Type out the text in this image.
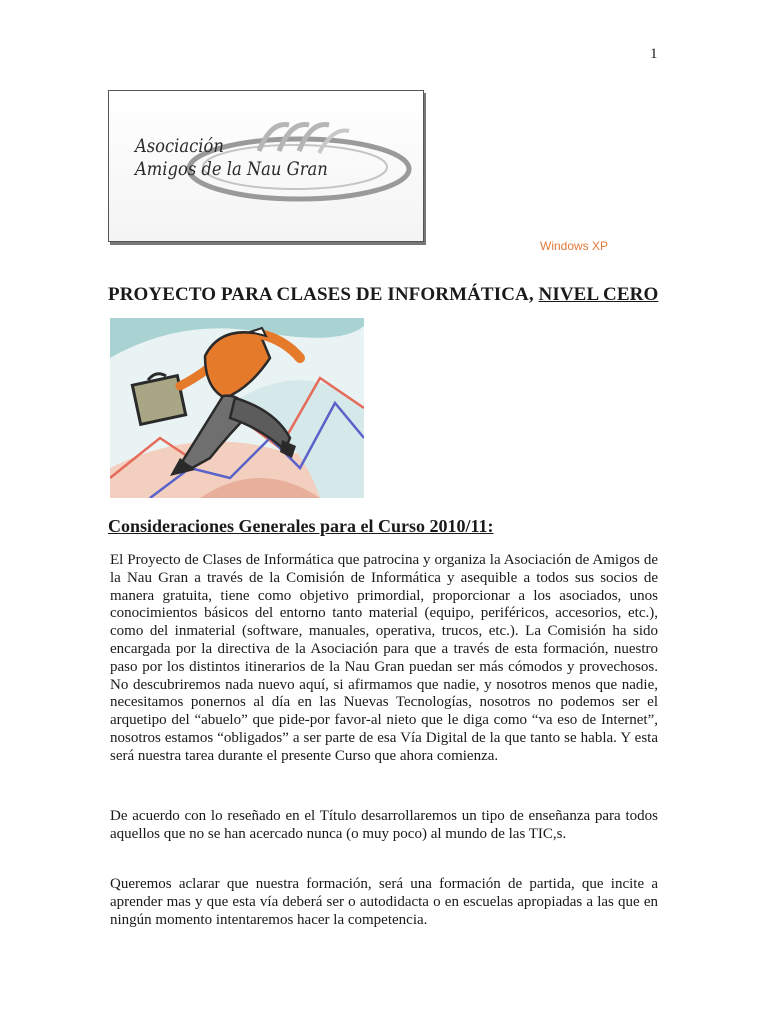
1
Asociación
Amigos de la Nau Gran
Windows XP
PROYECTO PARA CLASES DE INFORMÁTICA, NIVEL CERO
Consideraciones Generales para el Curso 2010/11:

El Proyecto de Clases de Informática que patrocina y organiza la Asociación de Amigos de la Nau Gran a través de la Comisión de Informática y asequible a todos sus socios de manera gratuita, tiene como objetivo primordial, proporcionar a los asociados, unos conocimientos básicos del entorno tanto material (equipo, periféricos, accesorios, etc.), como del inmaterial (software, manuales, operativa, trucos, etc.). La Comisión ha sido encargada por la directiva de la Asociación para que a través de esta formación, nuestro paso por los distintos itinerarios de la Nau Gran puedan ser más cómodos y provechosos. No descubriremos nada nuevo aquí, si afirmamos que nadie, y nosotros menos que nadie, necesitamos ponernos al día en las Nuevas Tecnologías, nosotros no podemos ser el arquetipo del “abuelo” que pide-por favor-al nieto que le diga como “va eso de Internet”, nosotros estamos “obligados” a ser parte de esa Vía Digital de la que tanto se habla. Y esta será nuestra tarea durante el presente Curso que ahora comienza.

De acuerdo con lo reseñado en el Título desarrollaremos un tipo de enseñanza para todos aquellos que no se han acercado nunca (o muy poco) al mundo de las TIC,s.

Queremos aclarar que nuestra formación, será una formación de partida, que incite a aprender mas y que esta vía deberá ser o autodidacta o en escuelas apropiadas a las que en ningún momento intentaremos hacer la competencia.
